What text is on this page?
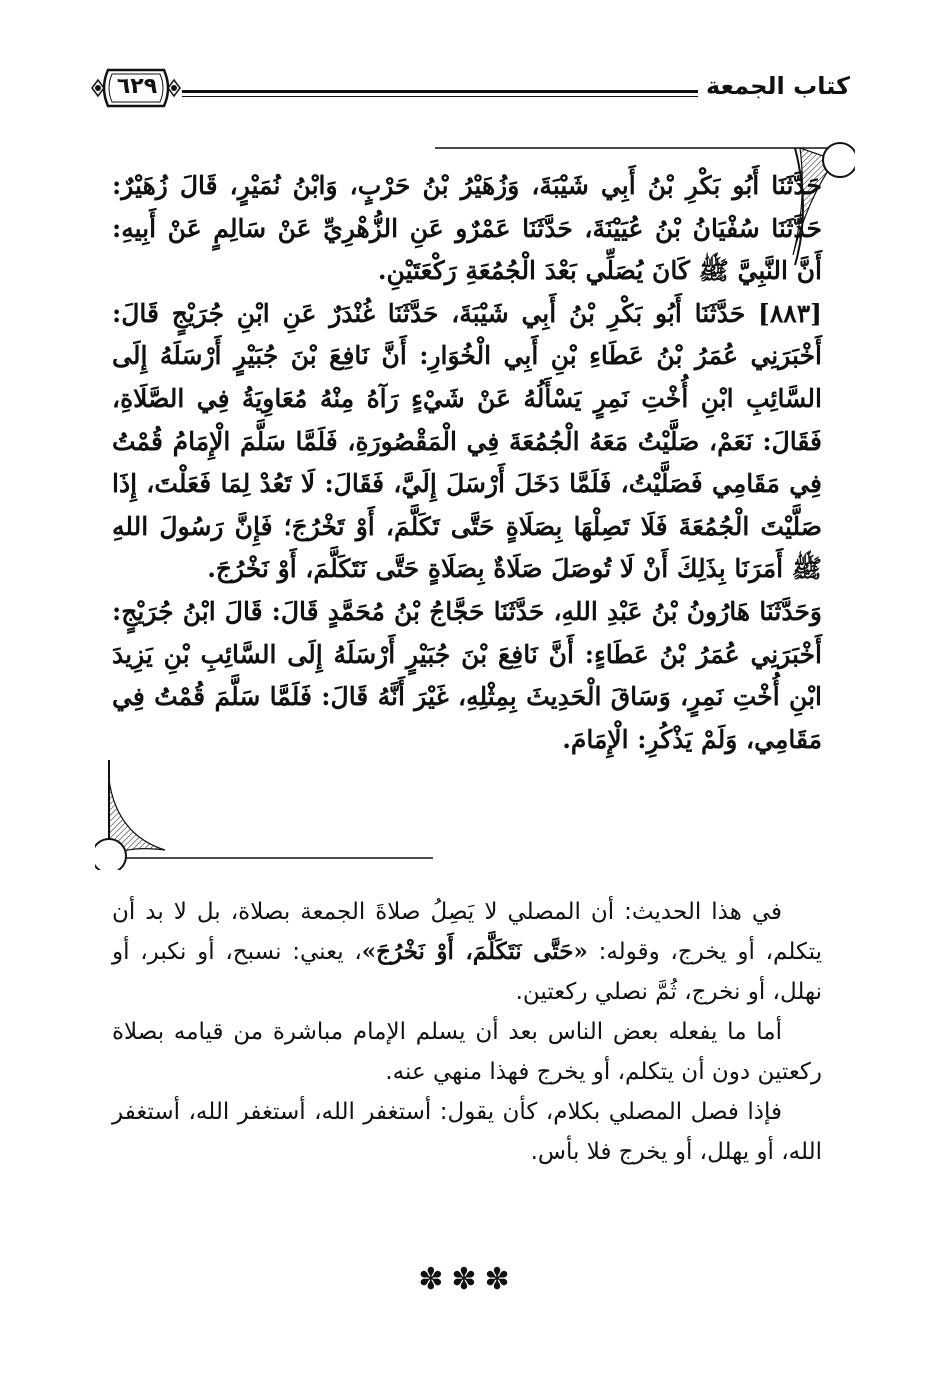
كتاب الجمعة
٦٢٩

حَدَّثَنَا أَبُو بَكْرِ بْنُ أَبِي شَيْبَةَ، وَزُهَيْرُ بْنُ حَرْبٍ، وَابْنُ نُمَيْرٍ، قَالَ زُهَيْرٌ: حَدَّثَنَا سُفْيَانُ بْنُ عُيَيْنَةَ، حَدَّثَنَا عَمْرٌو عَنِ الزُّهْرِيِّ عَنْ سَالِمٍ عَنْ أَبِيهِ: أَنَّ النَّبِيَّ ﷺ كَانَ يُصَلِّي بَعْدَ الْجُمُعَةِ رَكْعَتَيْنِ.

[٨٨٣] حَدَّثَنَا أَبُو بَكْرِ بْنُ أَبِي شَيْبَةَ، حَدَّثَنَا غُنْدَرٌ عَنِ ابْنِ جُرَيْجٍ قَالَ: أَخْبَرَنِي عُمَرُ بْنُ عَطَاءِ بْنِ أَبِي الْخُوَارِ: أَنَّ نَافِعَ بْنَ جُبَيْرٍ أَرْسَلَهُ إِلَى السَّائِبِ ابْنِ أُخْتِ نَمِرٍ يَسْأَلُهُ عَنْ شَيْءٍ رَآهُ مِنْهُ مُعَاوِيَةُ فِي الصَّلَاةِ، فَقَالَ: نَعَمْ، صَلَّيْتُ مَعَهُ الْجُمُعَةَ فِي الْمَقْصُورَةِ، فَلَمَّا سَلَّمَ الْإِمَامُ قُمْتُ فِي مَقَامِي فَصَلَّيْتُ، فَلَمَّا دَخَلَ أَرْسَلَ إِلَيَّ، فَقَالَ: لَا تَعُدْ لِمَا فَعَلْتَ، إِذَا صَلَّيْتَ الْجُمُعَةَ فَلَا تَصِلْهَا بِصَلَاةٍ حَتَّى تَكَلَّمَ، أَوْ تَخْرُجَ؛ فَإِنَّ رَسُولَ اللهِ ﷺ أَمَرَنَا بِذَلِكَ أَنْ لَا تُوصَلَ صَلَاةٌ بِصَلَاةٍ حَتَّى نَتَكَلَّمَ، أَوْ نَخْرُجَ.

وَحَدَّثَنَا هَارُونُ بْنُ عَبْدِ اللهِ، حَدَّثَنَا حَجَّاجُ بْنُ مُحَمَّدٍ قَالَ: قَالَ ابْنُ جُرَيْجٍ: أَخْبَرَنِي عُمَرُ بْنُ عَطَاءٍ: أَنَّ نَافِعَ بْنَ جُبَيْرٍ أَرْسَلَهُ إِلَى السَّائِبِ بْنِ يَزِيدَ ابْنِ أُخْتِ نَمِرٍ، وَسَاقَ الْحَدِيثَ بِمِثْلِهِ، غَيْرَ أَنَّهُ قَالَ: فَلَمَّا سَلَّمَ قُمْتُ فِي مَقَامِي، وَلَمْ يَذْكُرِ: الْإِمَامَ.

في هذا الحديث: أن المصلي لا يَصِلُ صلاةَ الجمعة بصلاة، بل لا بد أن يتكلم، أو يخرج، وقوله: «حَتَّى نَتَكَلَّمَ، أَوْ نَخْرُجَ»، يعني: نسبح، أو نكبر، أو نهلل، أو نخرج، ثُمَّ نصلي ركعتين.

أما ما يفعله بعض الناس بعد أن يسلم الإمام مباشرة من قيامه بصلاة ركعتين دون أن يتكلم، أو يخرج فهذا منهي عنه.

فإذا فصل المصلي بكلام، كأن يقول: أستغفر الله، أستغفر الله، أستغفر الله، أو يهلل، أو يخرج فلا بأس.

✽✽✽
